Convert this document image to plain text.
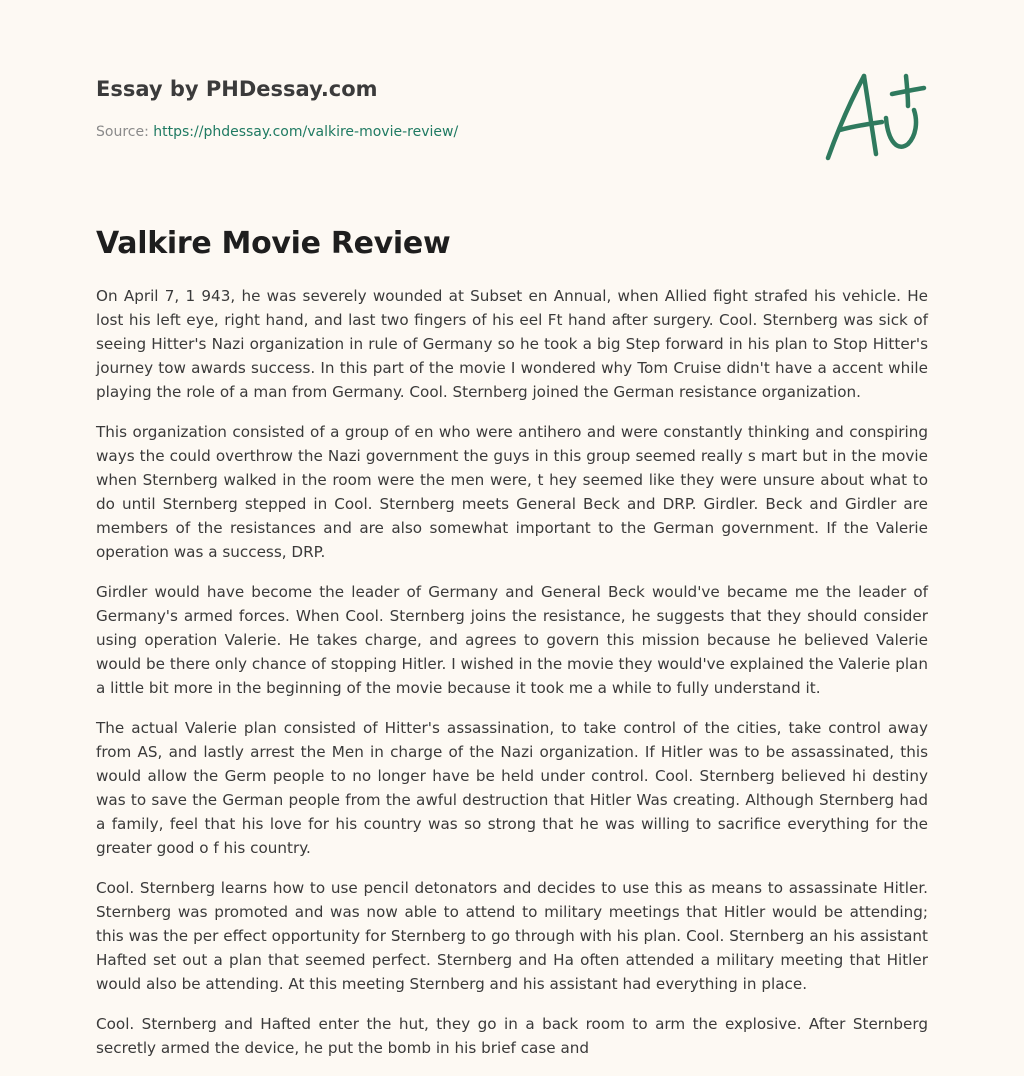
Essay by PHDessay.com

Source: https://phdessay.com/valkire-movie-review/

Valkire Movie Review

On April 7, 1 943, he was severely wounded at Subset en Annual, when Allied fight strafed his vehicle. He lost his left eye, right hand, and last two fingers of his eel Ft hand after surgery. Cool. Sternberg was sick of seeing Hitter's Nazi organization in rule of Germany so he took a big Step forward in his plan to Stop Hitter's journey tow awards success. In this part of the movie I wondered why Tom Cruise didn't have a accent while playing the role of a man from Germany. Cool. Sternberg joined the German resistance organization.

This organization consisted of a group of en who were antihero and were constantly thinking and conspiring ways the could overthrow the Nazi government the guys in this group seemed really s mart but in the movie when Sternberg walked in the room were the men were, t hey seemed like they were unsure about what to do until Sternberg stepped in Cool. Sternberg meets General Beck and DRP. Girdler. Beck and Girdler are members of the resistances and are also somewhat important to the German government. If the Valerie operation was a success, DRP.

Girdler would have become the leader of Germany and General Beck would've became me the leader of Germany's armed forces. When Cool. Sternberg joins the resistance, he suggests that they should consider using operation Valerie. He takes charge, and agrees to govern this mission because he believed Valerie would be there only chance of stopping Hitler. I wished in the movie they would've explained the Valerie plan a little bit more in the beginning of the movie because it took me a while to fully understand it.

The actual Valerie plan consisted of Hitter's assassination, to take control of the cities, take control away from AS, and lastly arrest the Men in charge of the Nazi organization. If Hitler was to be assassinated, this would allow the Germ people to no longer have be held under control. Cool. Sternberg believed hi destiny was to save the German people from the awful destruction that Hitler Was creating. Although Sternberg had a family, feel that his love for his country was so strong that he was willing to sacrifice everything for the greater good o f his country.

Cool. Sternberg learns how to use pencil detonators and decides to use this as means to assassinate Hitler. Sternberg was promoted and was now able to attend to military meetings that Hitler would be attending; this was the per effect opportunity for Sternberg to go through with his plan. Cool. Sternberg an his assistant Hafted set out a plan that seemed perfect. Sternberg and Ha often attended a military meeting that Hitler would also be attending. At this meeting Sternberg and his assistant had everything in place.

Cool. Sternberg and Hafted enter the hut, they go in a back room to arm the explosive. After Sternberg secretly armed the device, he put the bomb in his brief case and
